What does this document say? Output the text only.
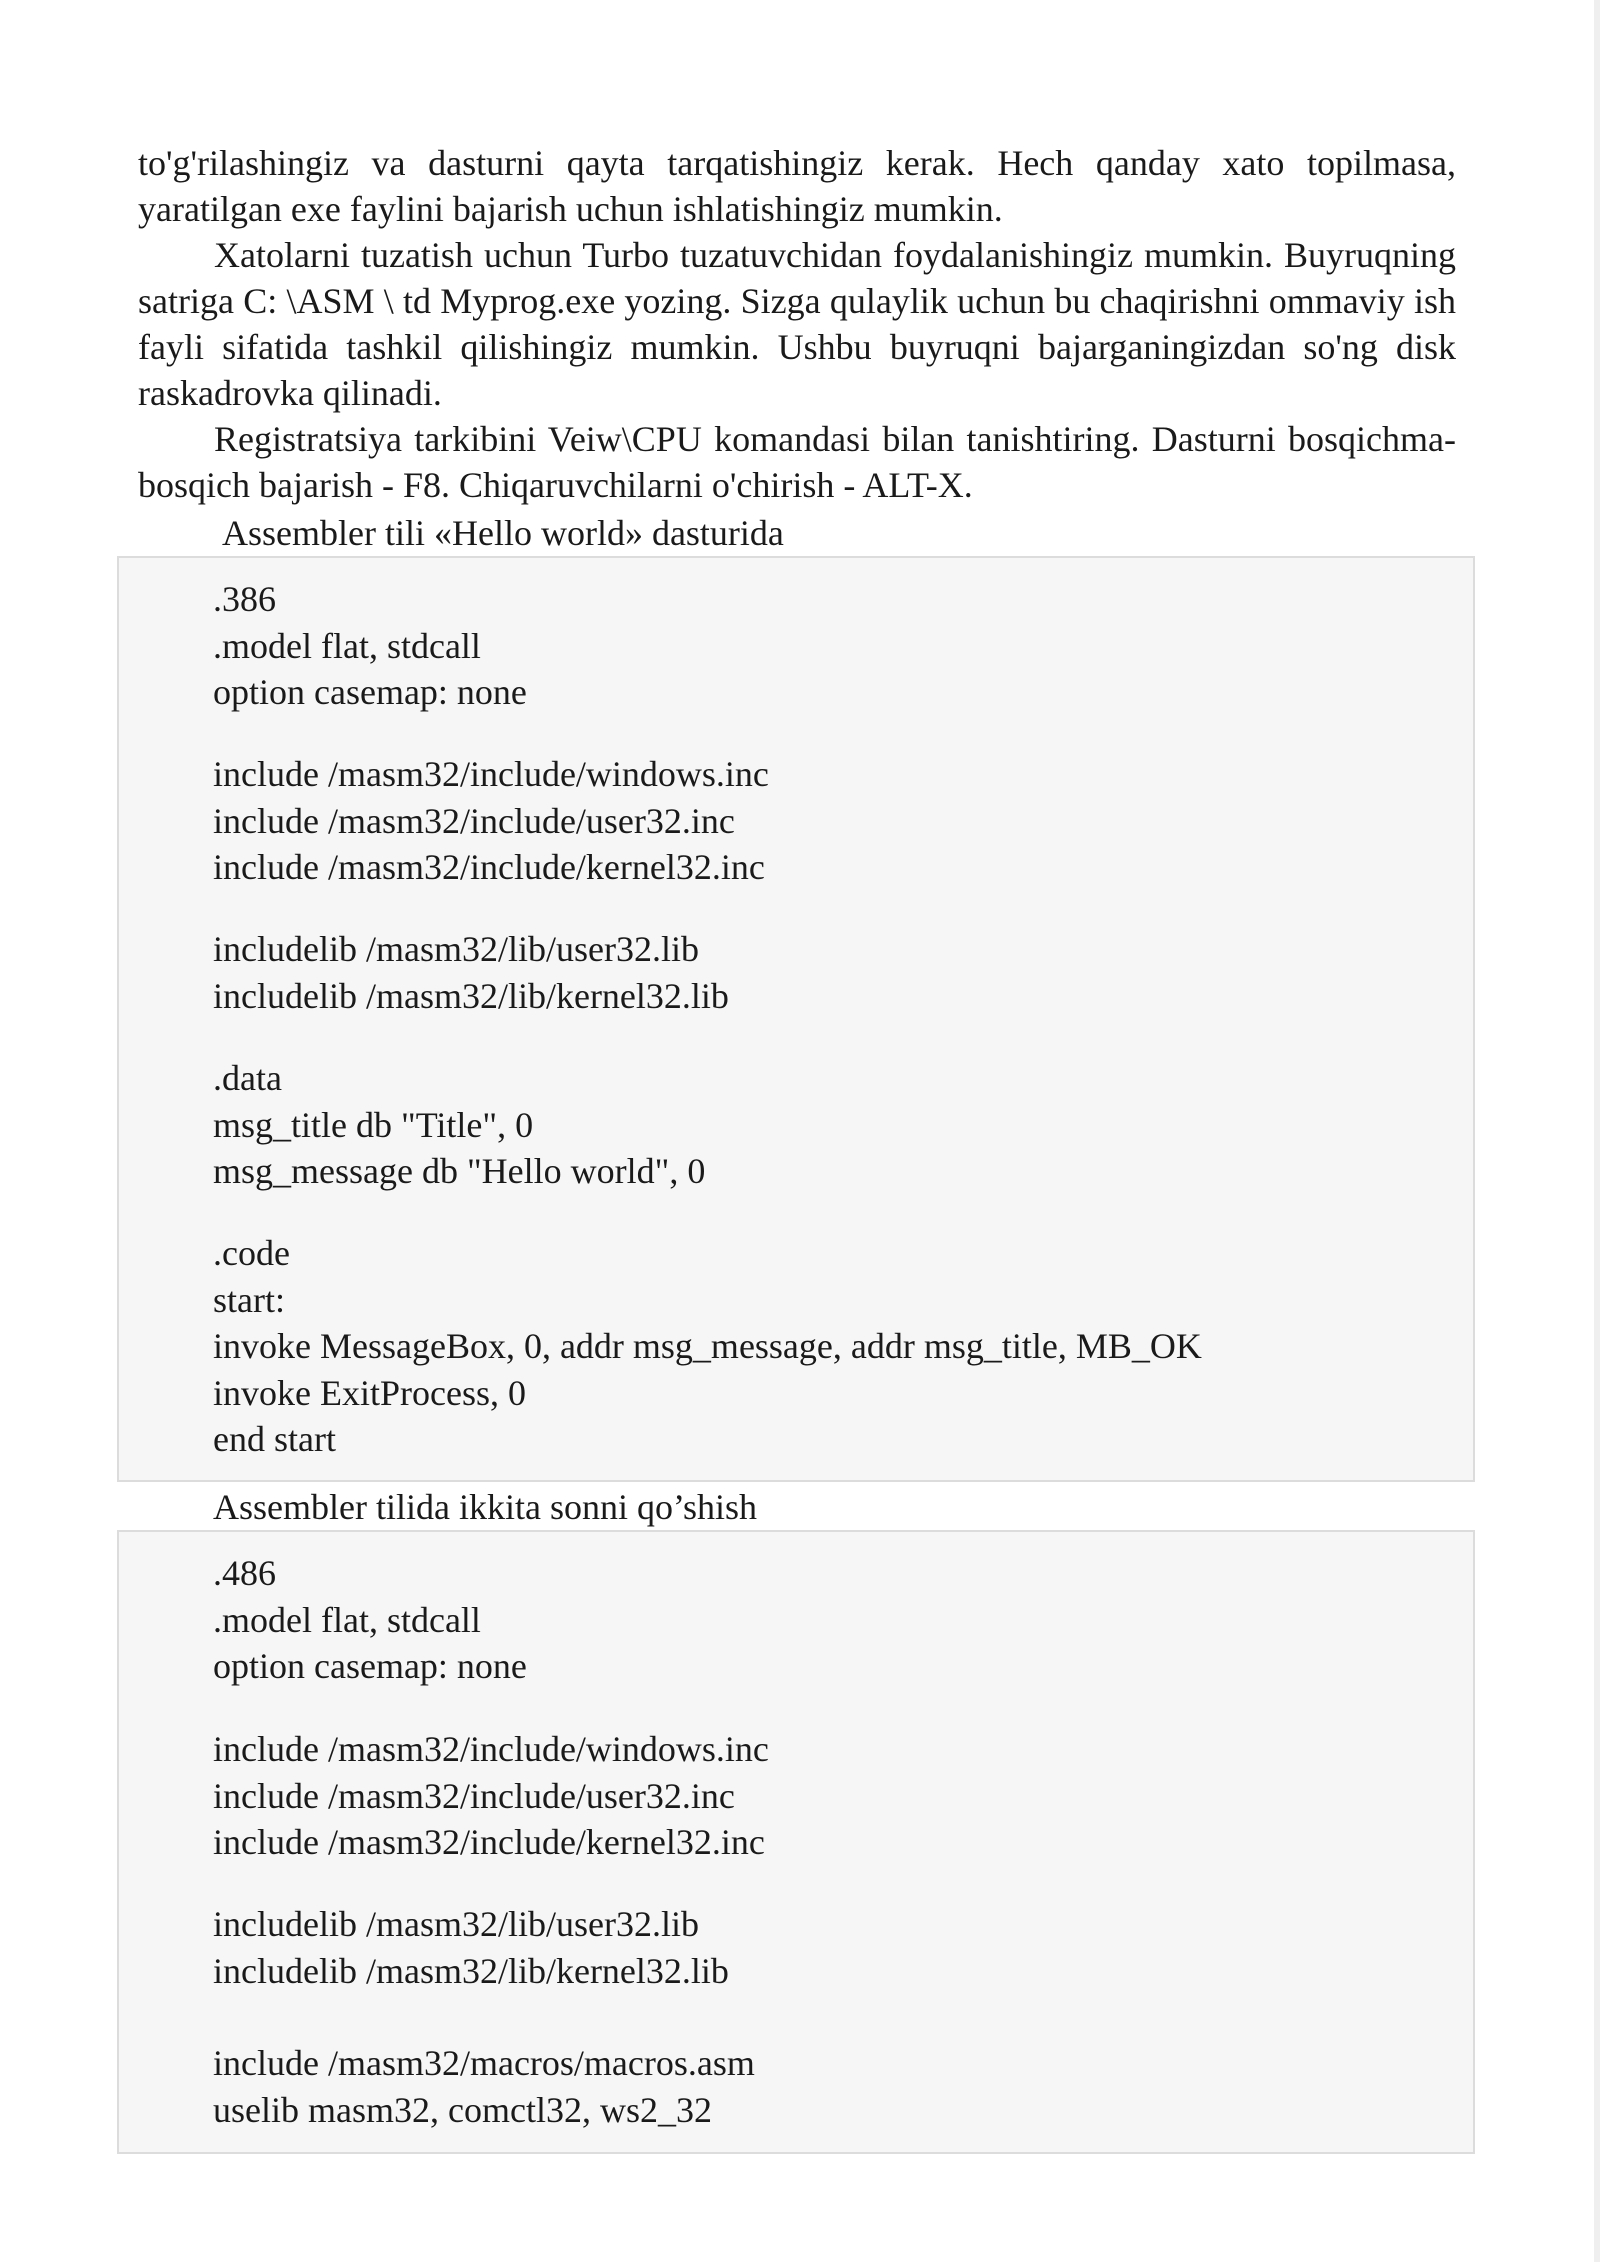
to'g'rilashingiz va dasturni qayta tarqatishingiz kerak. Hech qanday xato topilmasa, yaratilgan exe faylini bajarish uchun ishlatishingiz mumkin.

Xatolarni tuzatish uchun Turbo tuzatuvchidan foydalanishingiz mumkin. Buyruqning satriga C: \ASM \ td Myprog.exe yozing. Sizga qulaylik uchun bu chaqirishni ommaviy ish fayli sifatida tashkil qilishingiz mumkin. Ushbu buyruqni bajarganingizdan so'ng disk raskadrovka qilinadi.

Registratsiya tarkibini Veiw\CPU komandasi bilan tanishtiring. Dasturni bosqichma-bosqich bajarish - F8. Chiqaruvchilarni o'chirish - ALT-X.

Assembler tili «Hello world» dasturida
.386
.model flat, stdcall
option casemap: none
include /masm32/include/windows.inc
include /masm32/include/user32.inc
include /masm32/include/kernel32.inc
includelib /masm32/lib/user32.lib
includelib /masm32/lib/kernel32.lib
.data
msg_title db "Title", 0
msg_message db "Hello world", 0
.code
start:
invoke MessageBox, 0, addr msg_message, addr msg_title, MB_OK
invoke ExitProcess, 0
end start
Assembler tilida ikkita sonni qo’shish
.486
.model flat, stdcall
option casemap: none
include /masm32/include/windows.inc
include /masm32/include/user32.inc
include /masm32/include/kernel32.inc
includelib /masm32/lib/user32.lib
includelib /masm32/lib/kernel32.lib
include /masm32/macros/macros.asm
uselib masm32, comctl32, ws2_32
